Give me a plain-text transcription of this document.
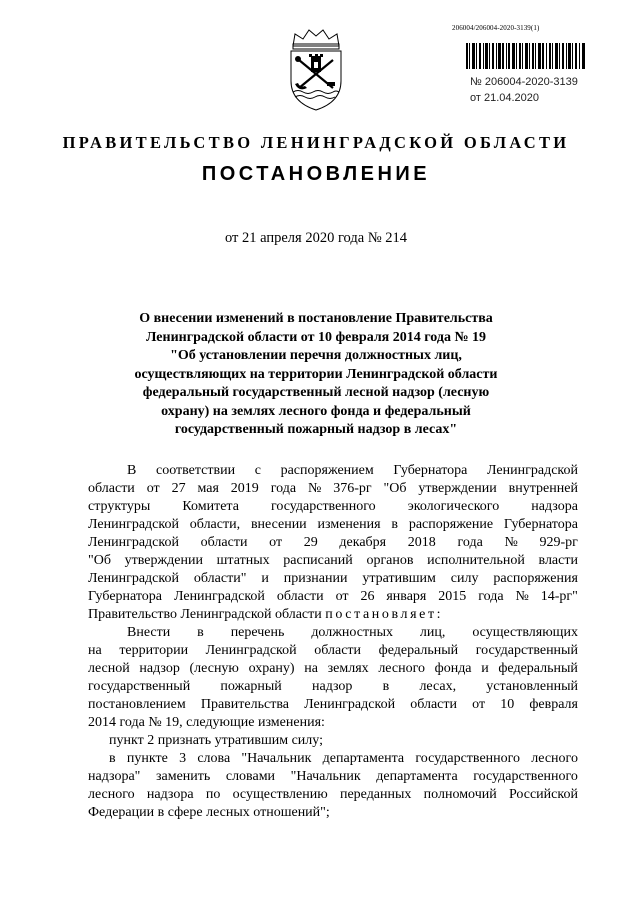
206004/206004-2020-3139(1)
№ 206004-2020-3139
от 21.04.2020
ПРАВИТЕЛЬСТВО ЛЕНИНГРАДСКОЙ ОБЛАСТИ
ПОСТАНОВЛЕНИЕ
от 21 апреля 2020 года № 214
О внесении изменений в постановление Правительства
Ленинградской области от 10 февраля 2014 года № 19
"Об установлении перечня должностных лиц,
осуществляющих на территории Ленинградской области
федеральный государственный лесной надзор (лесную
охрану) на землях лесного фонда и федеральный
государственный пожарный надзор в лесах"
В соответствии с распоряжением Губернатора Ленинградской
области от 27 мая 2019 года № 376-рг "Об утверждении внутренней
структуры Комитета государственного экологического надзора
Ленинградской области, внесении изменения в распоряжение Губернатора
Ленинградской области от 29 декабря 2018 года № 929-рг
"Об утверждении штатных расписаний органов исполнительной власти
Ленинградской области" и признании утратившим силу распоряжения
Губернатора Ленинградской области от 26 января 2015 года № 14-рг"
Правительство Ленинградской области
постановляет:
Внести в перечень должностных лиц, осуществляющих
на территории Ленинградской области федеральный государственный
лесной надзор (лесную охрану) на землях лесного фонда и федеральный
государственный пожарный надзор в лесах, установленный
постановлением Правительства Ленинградской области от 10 февраля
2014 года № 19, следующие изменения:
пункт 2 признать утратившим силу;
в пункте 3 слова "Начальник департамента государственного лесного
надзора" заменить словами "Начальник департамента государственного
лесного надзора по осуществлению переданных полномочий Российской
Федерации в сфере лесных отношений";
